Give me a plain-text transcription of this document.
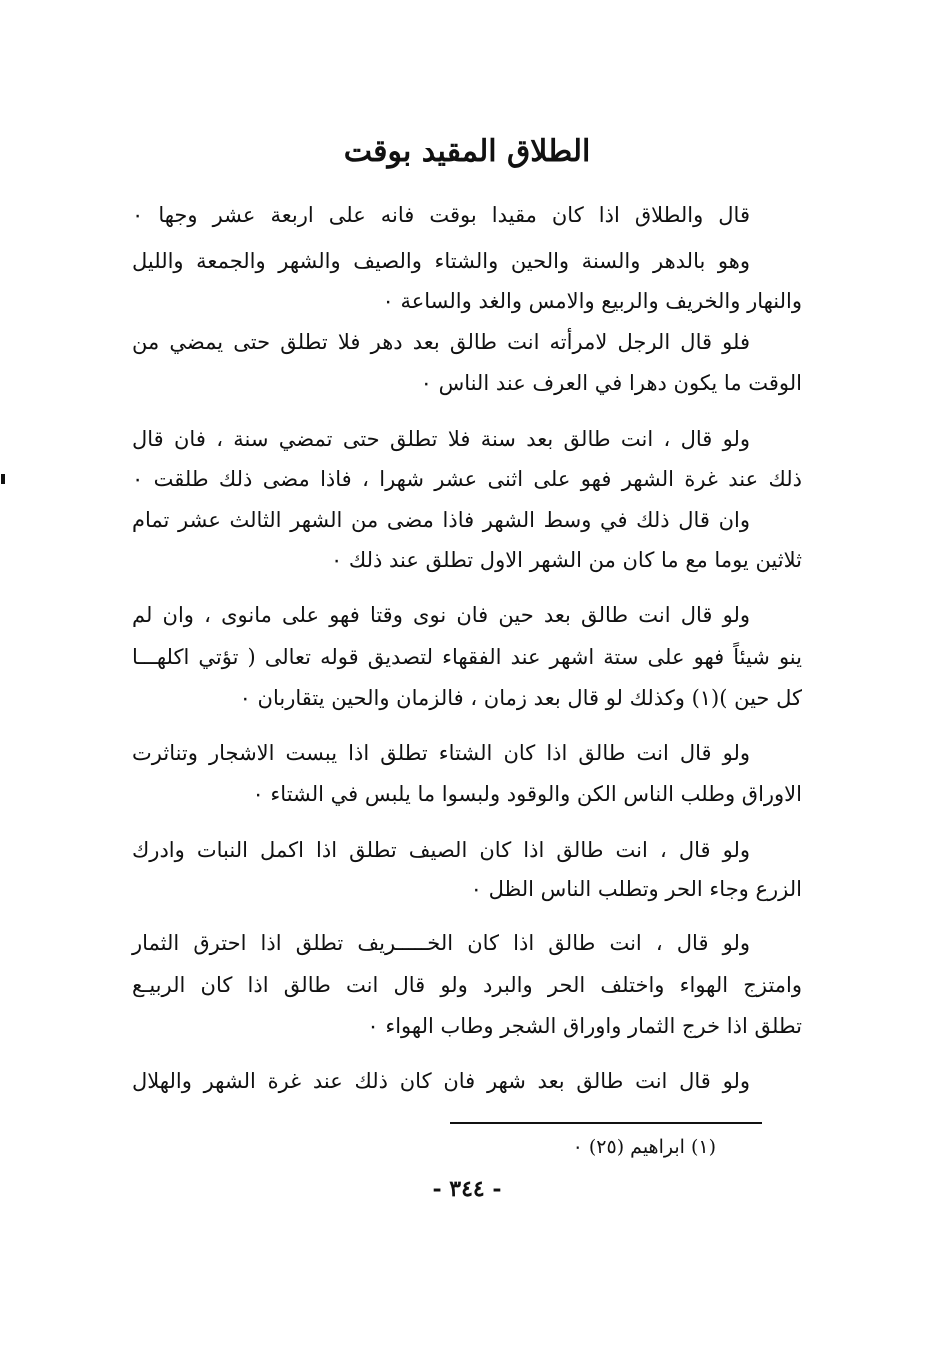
الطلاق المقيد بوقت
قال والطلاق اذا كان مقيدا بوقت فانه على اربعة عشر وجها ٠
وهو بالدهر والسنة والحين والشتاء والصيف والشهر والجمعة والليل
والنهار والخريف والربيع والامس والغد والساعة ٠
فلو قال الرجل لامرأته انت طالق بعد دهر فلا تطلق حتى يمضي من
الوقت ما يكون دهرا في العرف عند الناس ٠
ولو قال ، انت طالق بعد سنة فلا تطلق حتى تمضي سنة ، فان قال
ذلك عند غرة الشهر فهو على اثنى عشر شهرا ، فاذا مضى ذلك طلقت ٠
وان قال ذلك في وسط الشهر فاذا مضى من الشهر الثالث عشر تمام
ثلاثين يوما مع ما كان من الشهر الاول تطلق عند ذلك ٠
ولو قال انت طالق بعد حين فان نوى وقتا فهو على مانوى ، وان لم
ينو شيئاً فهو على ستة اشهر عند الفقهاء لتصديق قوله تعالى ( تؤتي اكلهـــا
كل حين )(١) وكذلك لو قال بعد زمان ، فالزمان والحين يتقاربان ٠
ولو قال انت طالق اذا كان الشتاء تطلق اذا يبست الاشجار وتناثرت
الاوراق وطلب الناس الكن والوقود ولبسوا ما يلبس في الشتاء ٠
ولو قال ، انت طالق اذا كان الصيف تطلق اذا اكمل النبات وادرك
الزرع وجاء الحر وتطلب الناس الظل ٠
ولو قال ، انت طالق اذا كان الخـــــريف تطلق اذا احترق الثمار
وامتزج الهواء واختلف الحر والبرد ولو قال انت طالق اذا كان الربيـع
تطلق اذا خرج الثمار واوراق الشجر وطاب الهواء ٠
ولو قال انت طالق بعد شهر فان كان ذلك عند غرة الشهر والهلال
(١) ابراهيم (٢٥) ٠
- ٣٤٤ -
